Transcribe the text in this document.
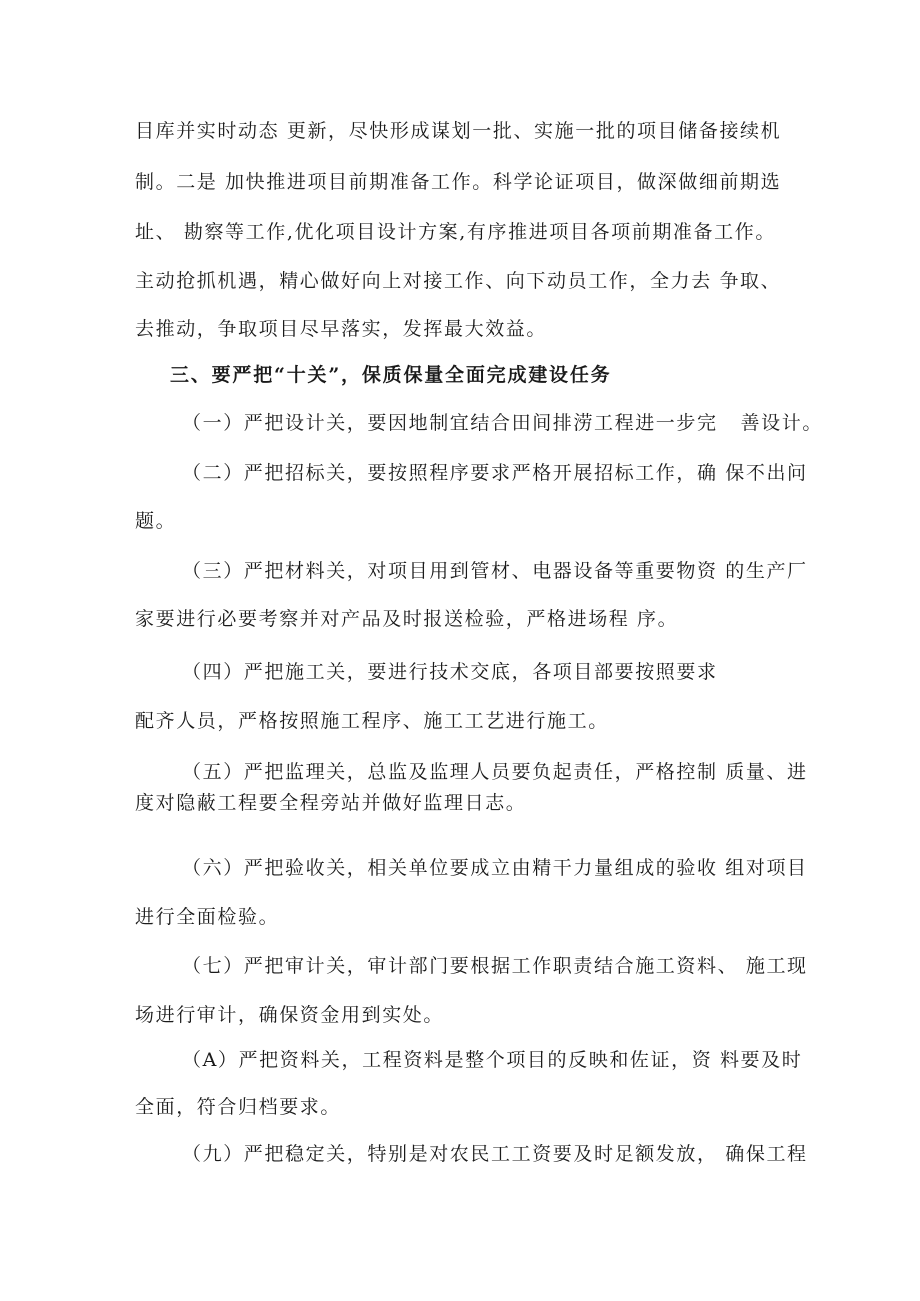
目库并实时动态 更新，尽快形成谋划一批、实施一批的项目储备接续机
制。二是 加快推进项目前期准备工作。科学论证项目，做深做细前期选
址、 勘察等工作,优化项目设计方案,有序推进项目各项前期准备工作。
主动抢抓机遇，精心做好向上对接工作、向下动员工作，全力去 争取、
去推动，争取项目尽早落实，发挥最大效益。
三、要严把“十关”，保质保量全面完成建设任务
（一）严把设计关，要因地制宜结合田间排涝工程进一步完   善设计。
（二）严把招标关，要按照程序要求严格开展招标工作，确 保不出问
题。
（三）严把材料关，对项目用到管材、电器设备等重要物资 的生产厂
家要进行必要考察并对产品及时报送检验，严格进场程 序。
（四）严把施工关，要进行技术交底，各项目部要按照要求
配齐人员，严格按照施工程序、施工工艺进行施工。
（五）严把监理关，总监及监理人员要负起责任，严格控制 质量、进
度对隐蔽工程要全程旁站并做好监理日志。
（六）严把验收关，相关单位要成立由精干力量组成的验收 组对项目
进行全面检验。
（七）严把审计关，审计部门要根据工作职责结合施工资料、 施工现
场进行审计，确保资金用到实处。
（A）严把资料关，工程资料是整个项目的反映和佐证，资 料要及时
全面，符合归档要求。
（九）严把稳定关，特别是对农民工工资要及时足额发放， 确保工程
